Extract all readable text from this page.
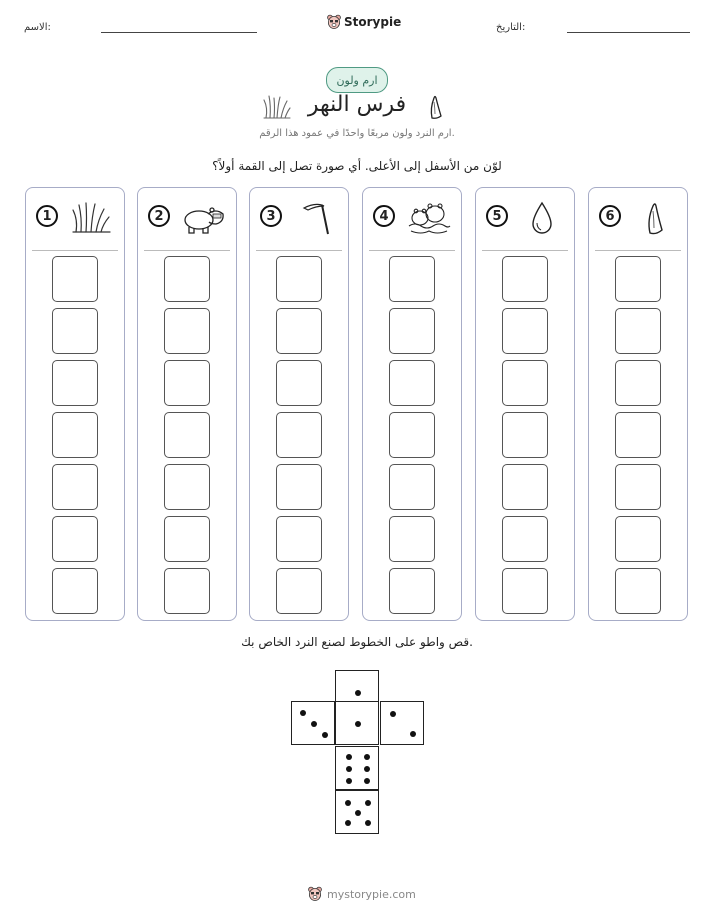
الاسم:	Storypie	التاريخ:
ارم ولون
فرس النهر
ارم النرد ولون مربعًا واحدًا في عمود هذا الرقم.
لوّن من الأسفل إلى الأعلى. أي صورة تصل إلى القمة أولاً؟
1	2	3	4	5	6
قص واطو على الخطوط لصنع النرد الخاص بك.
mystorypie.com
